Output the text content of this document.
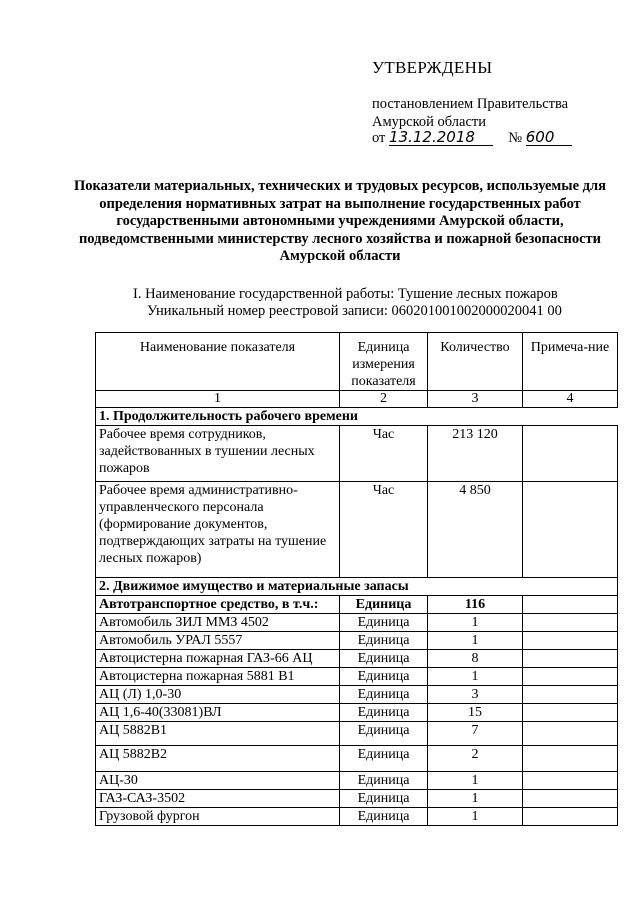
УТВЕРЖДЕНЫ
постановлением Правительства
Амурской области
от 13.12.2018 № 600
Показатели материальных, технических и трудовых ресурсов, используемые для определения нормативных затрат на выполнение государственных работ государственными автономными учреждениями Амурской области, подведомственными министерству лесного хозяйства и пожарной безопасности Амурской области
I. Наименование государственной работы: Тушение лесных пожаров
Уникальный номер реестровой записи: 060201001002000020041 00
Наименование показателя	Единица измерения показателя	Количество	Примеча-ние
1	2	3	4
1. Продолжительность рабочего времени			
Рабочее время сотрудников, задействованных в тушении лесных пожаров	Час	213 120	
Рабочее время административно-управленческого персонала (формирование документов, подтверждающих затраты на тушение лесных пожаров)	Час	4 850	
2. Движимое имущество и материальные запасы			
Автотранспортное средство, в т.ч.:	Единица	116	
Автомобиль ЗИЛ ММЗ 4502	Единица	1	
Автомобиль УРАЛ 5557	Единица	1	
Автоцистерна пожарная ГАЗ-66 АЦ	Единица	8	
Автоцистерна пожарная 5881 В1	Единица	1	
АЦ (Л) 1,0-30	Единица	3	
АЦ 1,6-40(33081)ВЛ	Единица	15	
АЦ 5882В1	Единица	7	
АЦ 5882В2	Единица	2	
АЦ-30	Единица	1	
ГАЗ-САЗ-3502	Единица	1	
Грузовой фургон	Единица	1	
